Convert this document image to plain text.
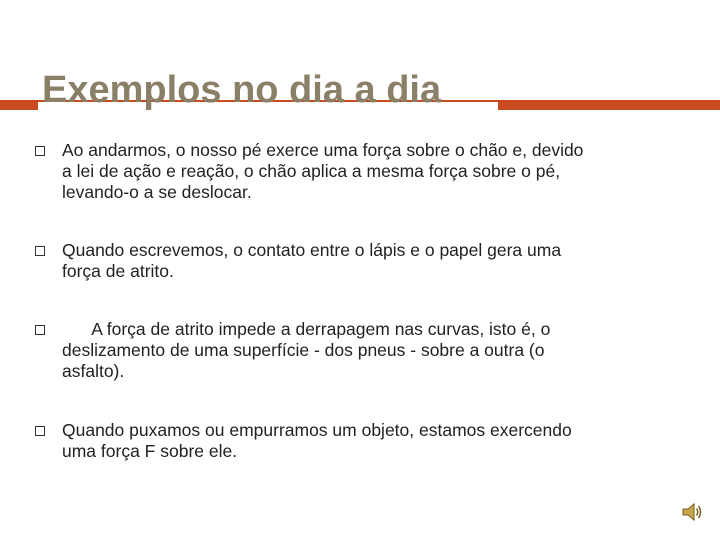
Exemplos no dia a dia
Ao andarmos, o nosso pé exerce uma força sobre o chão e, devido
a lei de ação e reação, o chão aplica a mesma força sobre o pé,
levando-o a se deslocar.
Quando escrevemos, o contato entre o lápis e o papel gera uma
força de atrito.
A força de atrito impede a derrapagem nas curvas, isto é, o
deslizamento de uma superfície - dos pneus - sobre a outra (o
asfalto).
Quando puxamos ou empurramos um objeto, estamos exercendo
uma força F sobre ele.
